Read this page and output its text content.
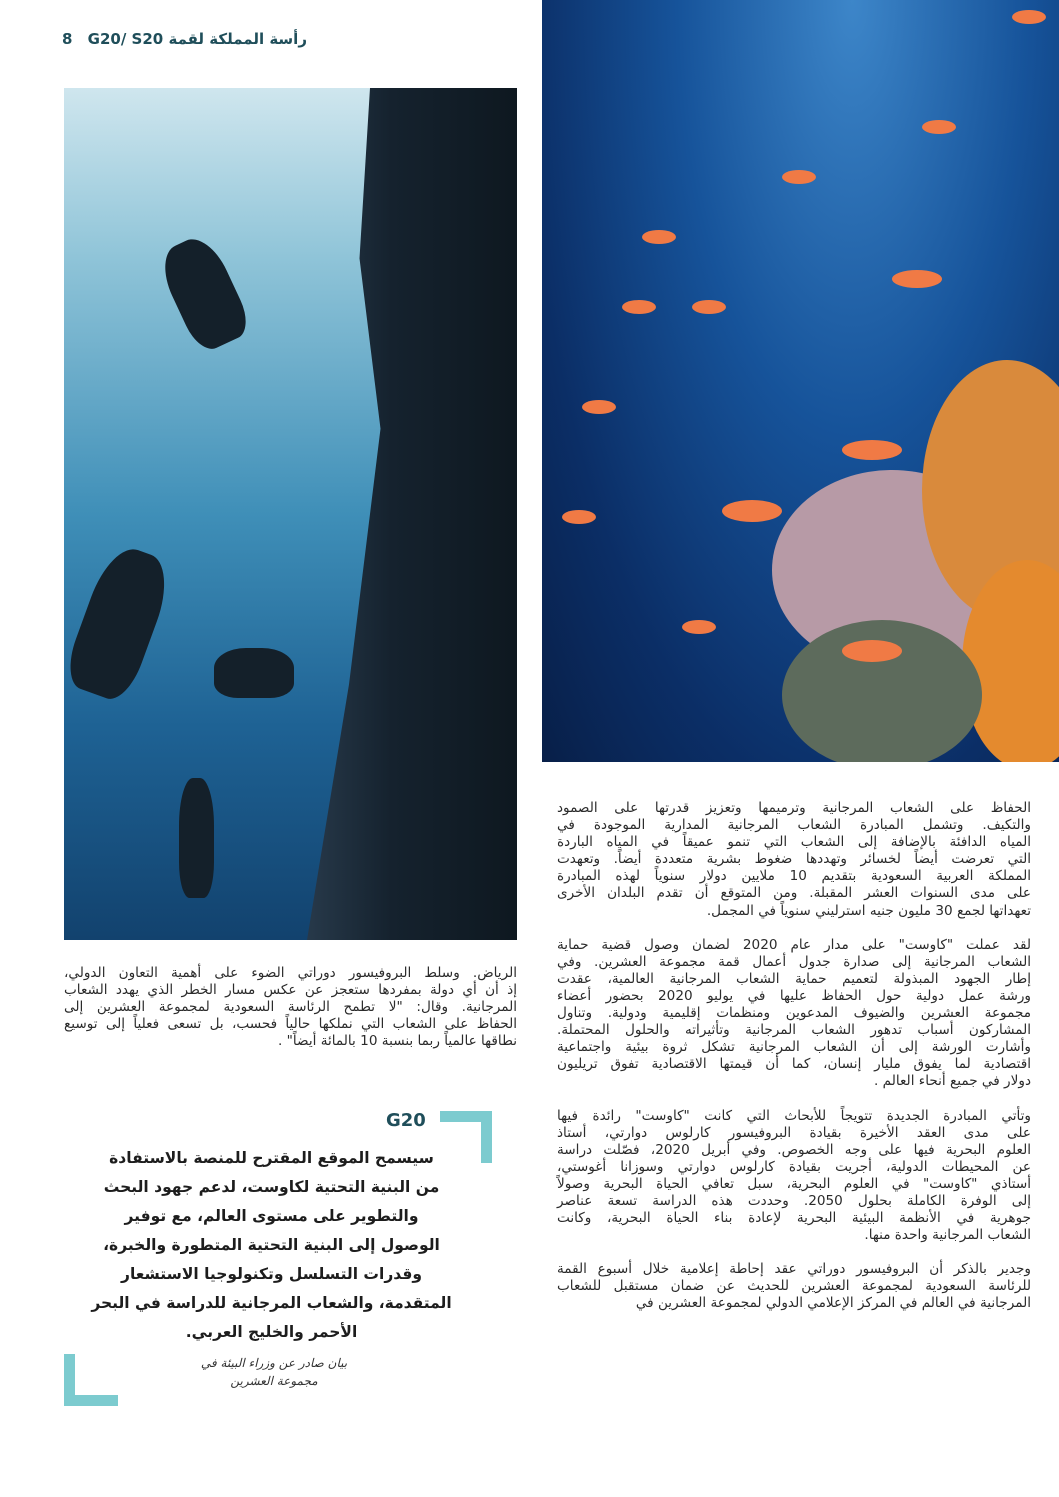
8 G20/ S20 رأسة المملكة لقمة
الحفاظ على الشعاب المرجانية وترميمها وتعزيز قدرتها على الصمود
والتكيف. وتشمل المبادرة الشعاب المرجانية المدارية الموجودة في
المياه الدافئة بالإضافة إلى الشعاب التي تنمو عميقاً في المياه الباردة
التي تعرضت أيضاً لخسائر وتهددها ضغوط بشرية متعددة أيضاً. وتعهدت
المملكة العربية السعودية بتقديم 10 ملايين دولار سنوياً لهذه المبادرة
على مدى السنوات العشر المقبلة. ومن المتوقع أن تقدم البلدان الأخرى
تعهداتها لجمع 30 مليون جنيه استرليني سنوياً في المجمل.
لقد عملت "كاوست" على مدار عام 2020 لضمان وصول قضية حماية
الشعاب المرجانية إلى صدارة جدول أعمال قمة مجموعة العشرين. وفي
إطار الجهود المبذولة لتعميم حماية الشعاب المرجانية العالمية، عقدت
ورشة عمل دولية حول الحفاظ عليها في يوليو 2020 بحضور أعضاء
مجموعة العشرين والضيوف المدعوين ومنظمات إقليمية ودولية. وتناول
المشاركون أسباب تدهور الشعاب المرجانية وتأثيراته والحلول المحتملة.
وأشارت الورشة إلى أن الشعاب المرجانية تشكل ثروة بيئية واجتماعية
اقتصادية لما يفوق مليار إنسان، كما أن قيمتها الاقتصادية تفوق تريليون
دولار في جميع أنحاء العالم .
وتأتي المبادرة الجديدة تتويجاً للأبحاث التي كانت "كاوست" رائدة فيها
على مدى العقد الأخيرة بقيادة البروفيسور كارلوس دوارتي، أستاذ
العلوم البحرية فيها على وجه الخصوص. وفي أبريل 2020، فصّلت دراسة
عن المحيطات الدولية، أجريت بقيادة كارلوس دوارتي وسوزانا أغوستي،
أستاذي "كاوست" في العلوم البحرية، سبل تعافي الحياة البحرية وصولاً
إلى الوفرة الكاملة بحلول 2050. وحددت هذه الدراسة تسعة عناصر
جوهرية في الأنظمة البيئية البحرية لإعادة بناء الحياة البحرية، وكانت
الشعاب المرجانية واحدة منها.
وجدير بالذكر أن البروفيسور دوراتي عقد إحاطة إعلامية خلال أسبوع القمة
للرئاسة السعودية لمجموعة العشرين للحديث عن ضمان مستقبل للشعاب
المرجانية في العالم في المركز الإعلامي الدولي لمجموعة العشرين في
الرياض. وسلط البروفيسور دوراتي الضوء على أهمية التعاون الدولي،
إذ أن أي دولة بمفردها ستعجز عن عكس مسار الخطر الذي يهدد الشعاب
المرجانية. وقال: "لا تطمح الرئاسة السعودية لمجموعة العشرين إلى
الحفاظ على الشعاب التي نملكها حالياً فحسب، بل تسعى فعلياً إلى توسيع
نطاقها عالمياً ربما بنسبة 10 بالمائة أيضاً" .
G20
سيسمح الموقع المقترح للمنصة بالاستفادة
من البنية التحتية لكاوست، لدعم جهود البحث
والتطوير على مستوى العالم، مع توفير
الوصول إلى البنية التحتية المتطورة والخبرة،
وقدرات التسلسل وتكنولوجيا الاستشعار
المتقدمة، والشعاب المرجانية للدراسة في البحر
الأحمر والخليج العربي.
بيان صادر عن وزراء البيئة في
مجموعة العشرين
